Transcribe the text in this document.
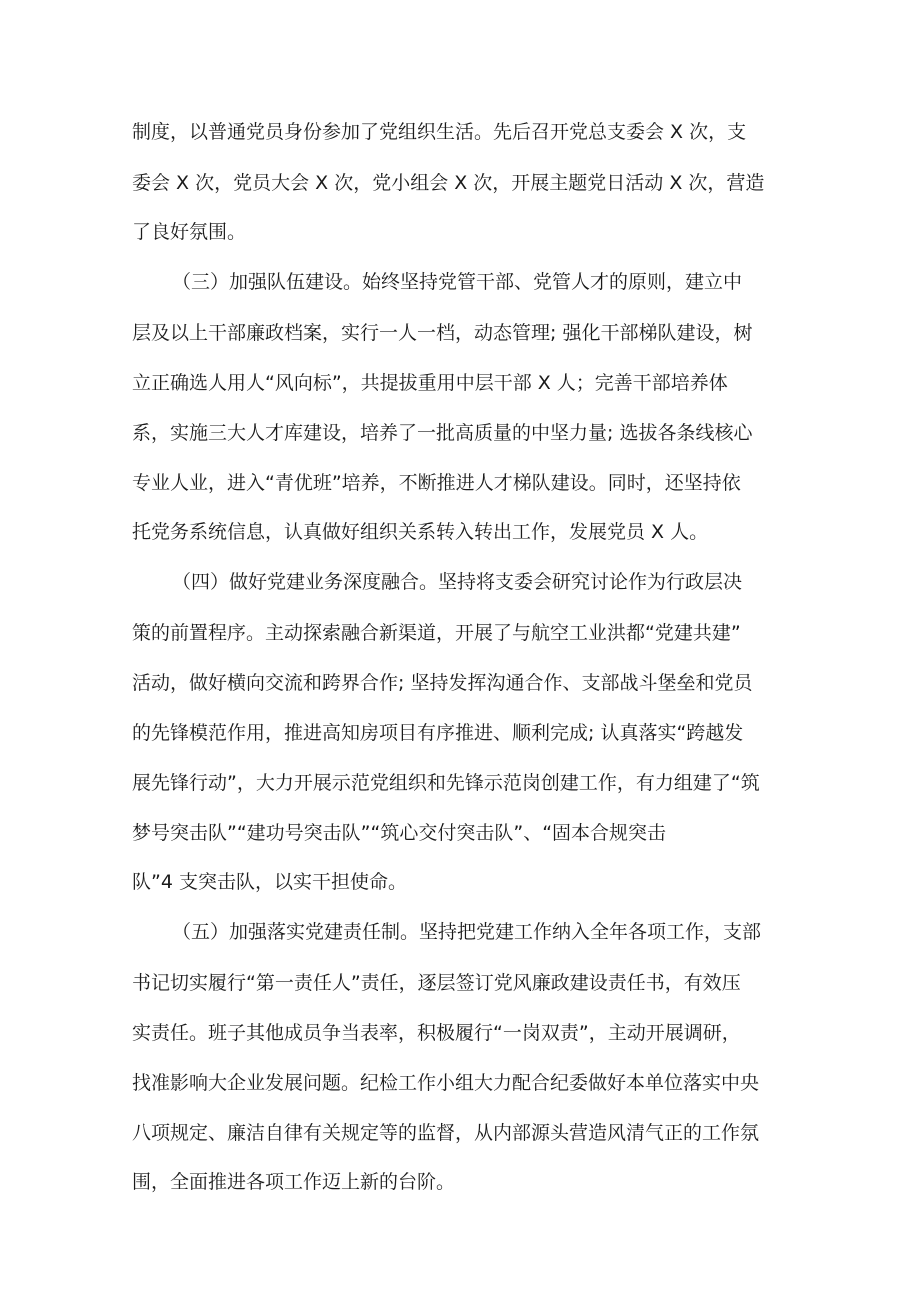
制度，以普通党员身份参加了党组织生活。先后召开党总支委会 X 次，支
委会 X 次，党员大会 X 次，党小组会 X 次，开展主题党日活动 X 次，营造
了良好氛围。
（三）加强队伍建设。始终坚持党管干部、党管人才的原则，建立中
层及以上干部廉政档案，实行一人一档，动态管理; 强化干部梯队建设，树
立正确选人用人“风向标”，共提拔重用中层干部 X 人；完善干部培养体
系，实施三大人才库建设，培养了一批高质量的中坚力量; 选拔各条线核心
专业人业，进入“青优班”培养，不断推进人才梯队建设。同时，还坚持依
托党务系统信息，认真做好组织关系转入转出工作，发展党员 X 人。
（四）做好党建业务深度融合。坚持将支委会研究讨论作为行政层决
策的前置程序。主动探索融合新渠道，开展了与航空工业洪都“党建共建”
活动，做好横向交流和跨界合作; 坚持发挥沟通合作、支部战斗堡垒和党员
的先锋模范作用，推进高知房项目有序推进、顺利完成; 认真落实“跨越发
展先锋行动”，大力开展示范党组织和先锋示范岗创建工作，有力组建了“筑
梦号突击队”“建功号突击队”“筑心交付突击队”、“固本合规突击
队”4 支突击队，以实干担使命。
（五）加强落实党建责任制。坚持把党建工作纳入全年各项工作，支部
书记切实履行“第一责任人”责任，逐层签订党风廉政建设责任书，有效压
实责任。班子其他成员争当表率，积极履行“一岗双责”，主动开展调研，
找准影响大企业发展问题。纪检工作小组大力配合纪委做好本单位落实中央
八项规定、廉洁自律有关规定等的监督，从内部源头营造风清气正的工作氛
围，全面推进各项工作迈上新的台阶。
